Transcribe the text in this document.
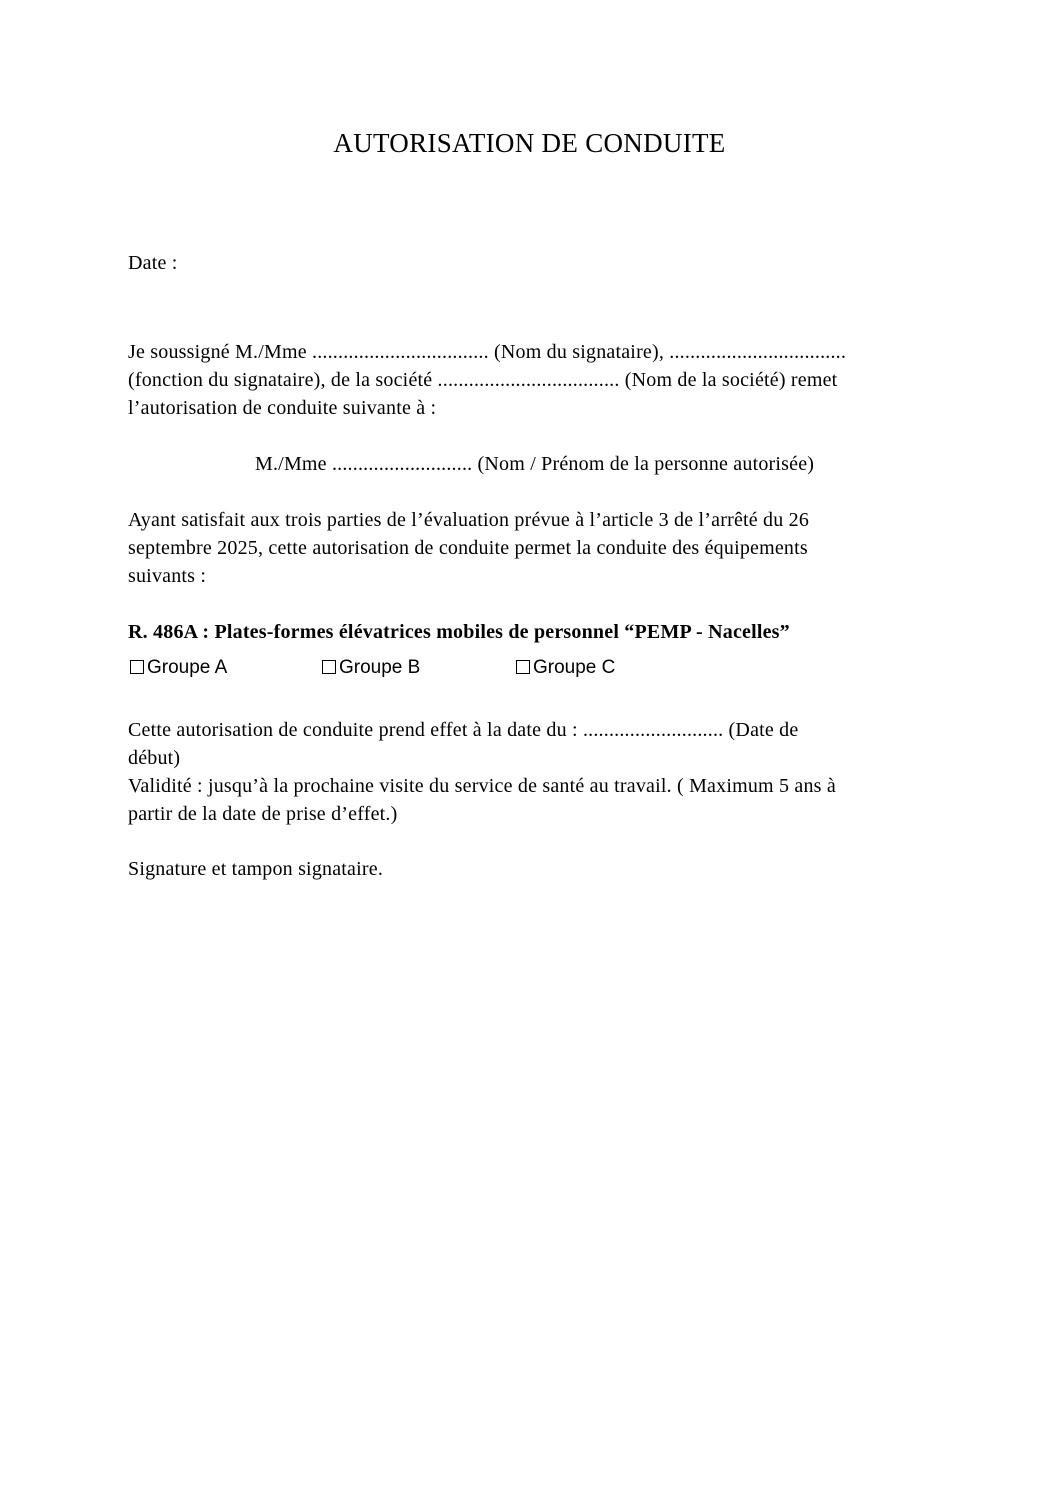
AUTORISATION DE CONDUITE
Date :
Je soussigné M./Mme .................................. (Nom du signataire), ..................................
(fonction du signataire), de la société ................................... (Nom de la société) remet
l’autorisation de conduite suivante à :
M./Mme ........................... (Nom / Prénom de la personne autorisée)
Ayant satisfait aux trois parties de l’évaluation prévue à l’article 3 de l’arrêté du 26
septembre 2025, cette autorisation de conduite permet la conduite des équipements
suivants :
R. 486A : Plates-formes élévatrices mobiles de personnel “PEMP - Nacelles”
Groupe A	Groupe B	Groupe C
Cette autorisation de conduite prend effet à la date du : ........................... (Date de
début)
Validité : jusqu’à la prochaine visite du service de santé au travail. ( Maximum 5 ans à
partir de la date de prise d’effet.)
Signature et tampon signataire.
